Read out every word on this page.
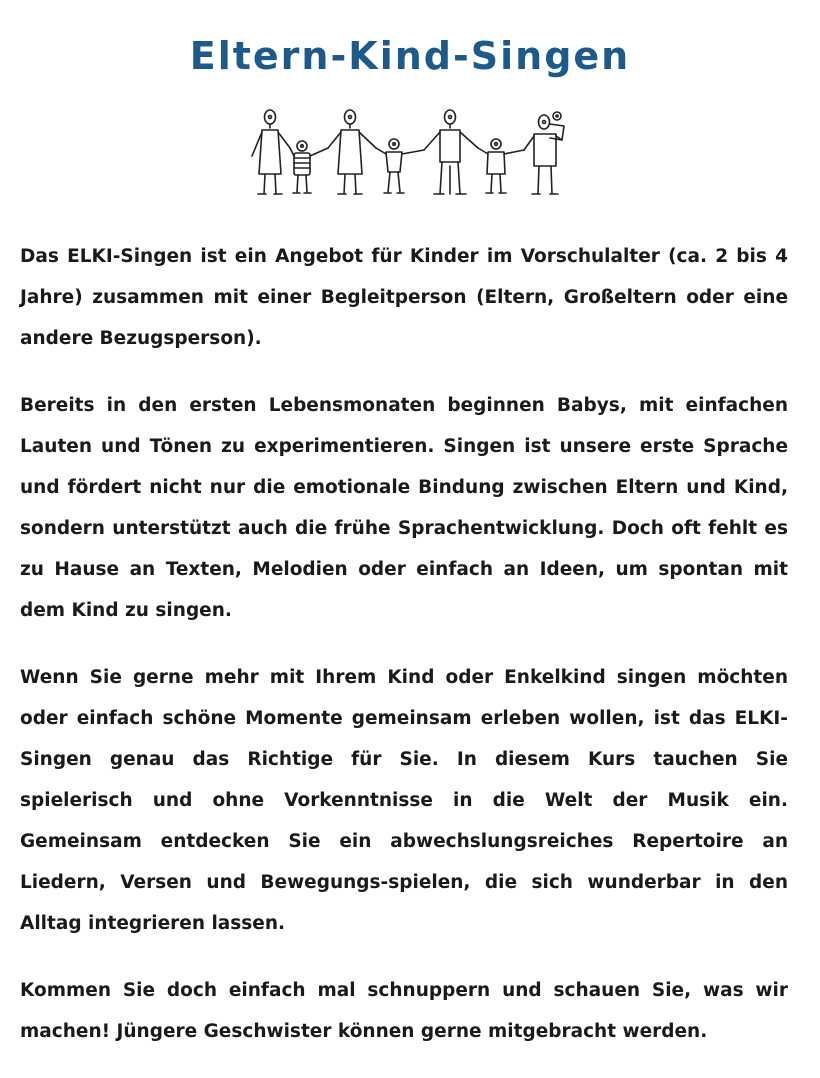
Eltern-Kind-Singen

Das ELKI-Singen ist ein Angebot für Kinder im Vorschulalter (ca. 2 bis 4 Jahre) zusammen mit einer Begleitperson (Eltern, Großeltern oder eine andere Bezugsperson).

Bereits in den ersten Lebensmonaten beginnen Babys, mit einfachen Lauten und Tönen zu experimentieren. Singen ist unsere erste Sprache und fördert nicht nur die emotionale Bindung zwischen Eltern und Kind, sondern unterstützt auch die frühe Sprachentwicklung. Doch oft fehlt es zu Hause an Texten, Melodien oder einfach an Ideen, um spontan mit dem Kind zu singen.

Wenn Sie gerne mehr mit Ihrem Kind oder Enkelkind singen möchten oder einfach schöne Momente gemeinsam erleben wollen, ist das ELKI-Singen genau das Richtige für Sie. In diesem Kurs tauchen Sie spielerisch und ohne Vorkenntnisse in die Welt der Musik ein. Gemeinsam entdecken Sie ein abwechslungsreiches Repertoire an Liedern, Versen und Bewegungs-spielen, die sich wunderbar in den Alltag integrieren lassen.

Kommen Sie doch einfach mal schnuppern und schauen Sie, was wir machen! Jüngere Geschwister können gerne mitgebracht werden.
